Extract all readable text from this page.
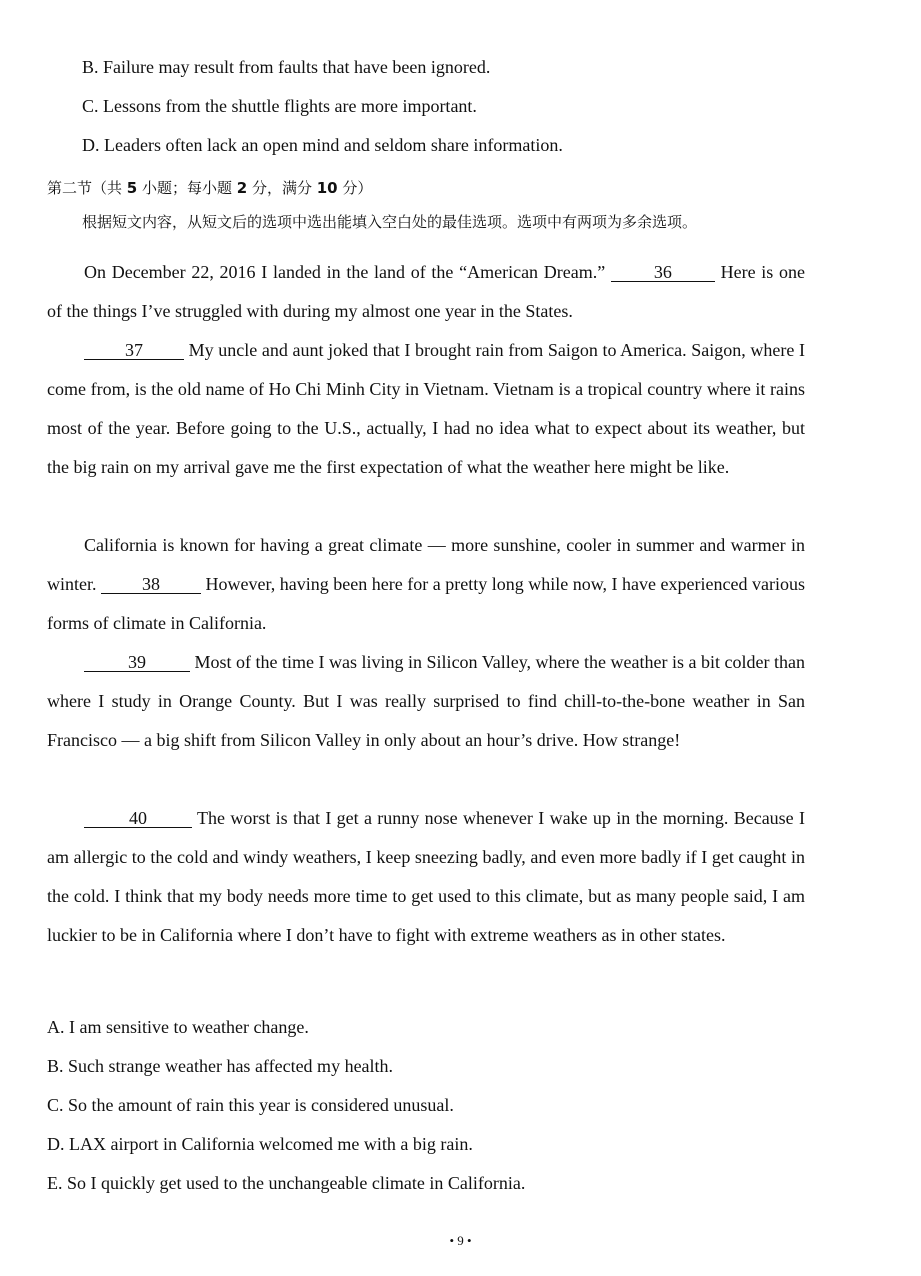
B. Failure may result from faults that have been ignored.
C. Lessons from the shuttle flights are more important.
D. Leaders often lack an open mind and seldom share information.
第二节（共 5 小题；每小题 2 分，满分 10 分）
根据短文内容，从短文后的选项中选出能填入空白处的最佳选项。选项中有两项为多余选项。
On December 22, 2016 I landed in the land of the “American Dream.” 36 Here is one of the things I’ve struggled with during my almost one year in the States.
37 My uncle and aunt joked that I brought rain from Saigon to America. Saigon, where I come from, is the old name of Ho Chi Minh City in Vietnam. Vietnam is a tropical country where it rains most of the year. Before going to the U.S., actually, I had no idea what to expect about its weather, but the big rain on my arrival gave me the first expectation of what the weather here might be like.
California is known for having a great climate — more sunshine, cooler in summer and warmer in winter. 38 However, having been here for a pretty long while now, I have experienced various forms of climate in California.
39 Most of the time I was living in Silicon Valley, where the weather is a bit colder than where I study in Orange County. But I was really surprised to find chill-to-the-bone weather in San Francisco — a big shift from Silicon Valley in only about an hour’s drive. How strange!
40	The worst is that I get a runny nose whenever I wake up in the morning. Because I am allergic to the cold and windy weathers, I keep sneezing badly, and even more badly if I get caught in the cold. I think that my body needs more time to get used to this climate, but as many people said, I am luckier to be in California where I don’t have to fight with extreme weathers as in other states.
A. I am sensitive to weather change.
B. Such strange weather has affected my health.
C. So the amount of rain this year is considered unusual.
D. LAX airport in California welcomed me with a big rain.
E. So I quickly get used to the unchangeable climate in California.
• 9 •
